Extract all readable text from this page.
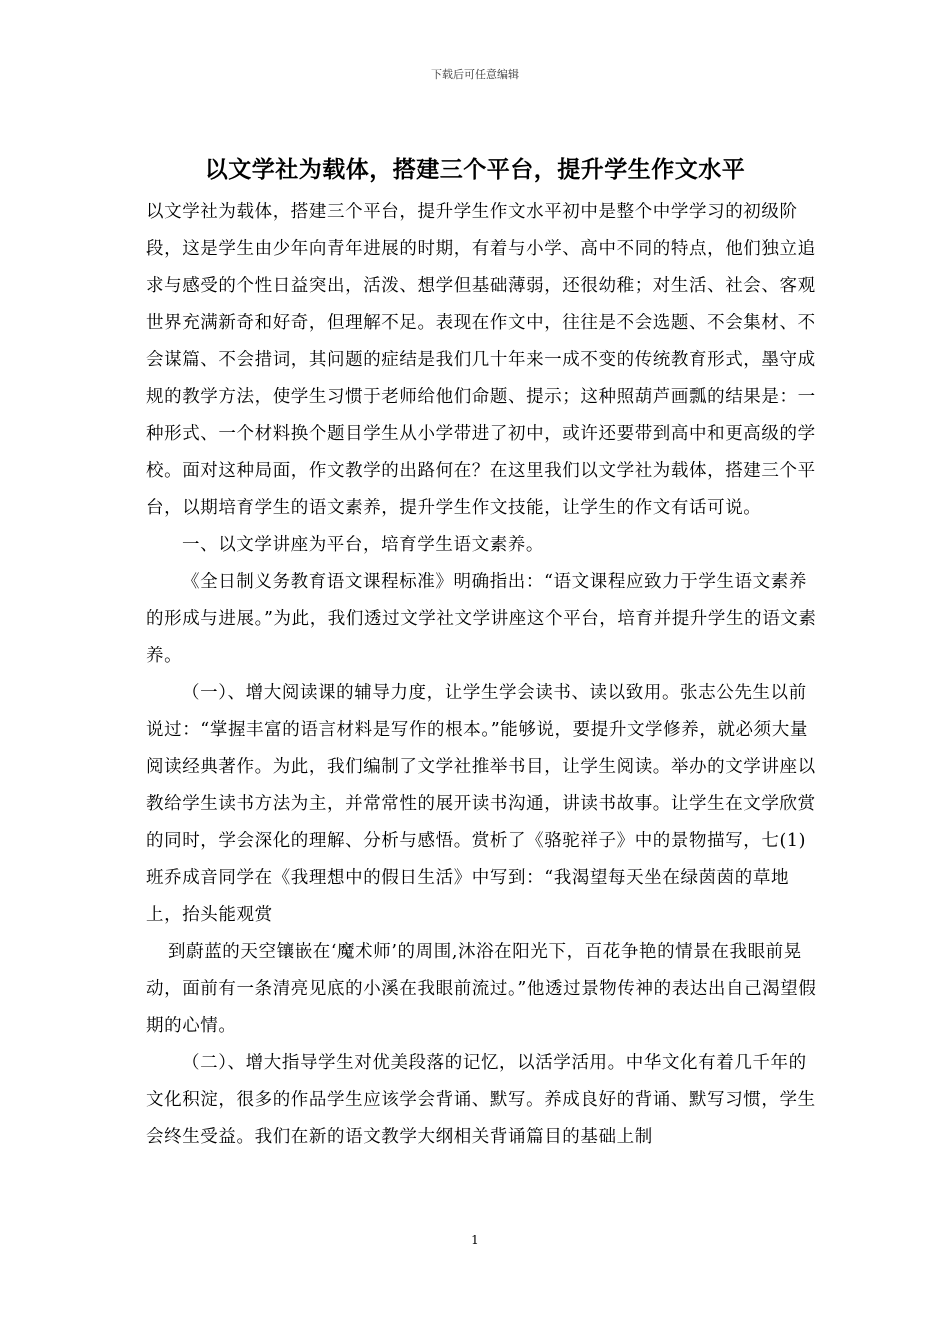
下载后可任意编辑
以文学社为载体，搭建三个平台，提升学生作文水平

以文学社为载体，搭建三个平台，提升学生作文水平初中是整个中学学习的初级阶段，这是学生由少年向青年进展的时期，有着与小学、高中不同的特点，他们独立追求与感受的个性日益突出，活泼、想学但基础薄弱，还很幼稚；对生活、社会、客观世界充满新奇和好奇，但理解不足。表现在作文中，往往是不会选题、不会集材、不会谋篇、不会措词，其问题的症结是我们几十年来一成不变的传统教育形式，墨守成规的教学方法，使学生习惯于老师给他们命题、提示；这种照葫芦画瓢的结果是：一种形式、一个材料换个题目学生从小学带进了初中，或许还要带到高中和更高级的学校。面对这种局面，作文教学的出路何在？在这里我们以文学社为载体，搭建三个平台，以期培育学生的语文素养，提升学生作文技能，让学生的作文有话可说。

一、以文学讲座为平台，培育学生语文素养。

《全日制义务教育语文课程标准》明确指出：“语文课程应致力于学生语文素养的形成与进展。”为此，我们透过文学社文学讲座这个平台，培育并提升学生的语文素养。

（一）、增大阅读课的辅导力度，让学生学会读书、读以致用。张志公先生以前说过：“掌握丰富的语言材料是写作的根本。”能够说，要提升文学修养，就必须大量阅读经典著作。为此，我们编制了文学社推举书目，让学生阅读。举办的文学讲座以教给学生读书方法为主，并常常性的展开读书沟通，讲读书故事。让学生在文学欣赏的同时，学会深化的理解、分析与感悟。赏析了《骆驼祥子》中的景物描写，七(1)班乔成音同学在《我理想中的假日生活》中写到：“我渴望每天坐在绿茵茵的草地上，抬头能观赏

到蔚蓝的天空镶嵌在‘魔术师’的周围,沐浴在阳光下，百花争艳的情景在我眼前晃动，面前有一条清亮见底的小溪在我眼前流过。”他透过景物传神的表达出自己渴望假期的心情。

（二）、增大指导学生对优美段落的记忆，以活学活用。中华文化有着几千年的文化积淀，很多的作品学生应该学会背诵、默写。养成良好的背诵、默写习惯，学生会终生受益。我们在新的语文教学大纲相关背诵篇目的基础上制

1
